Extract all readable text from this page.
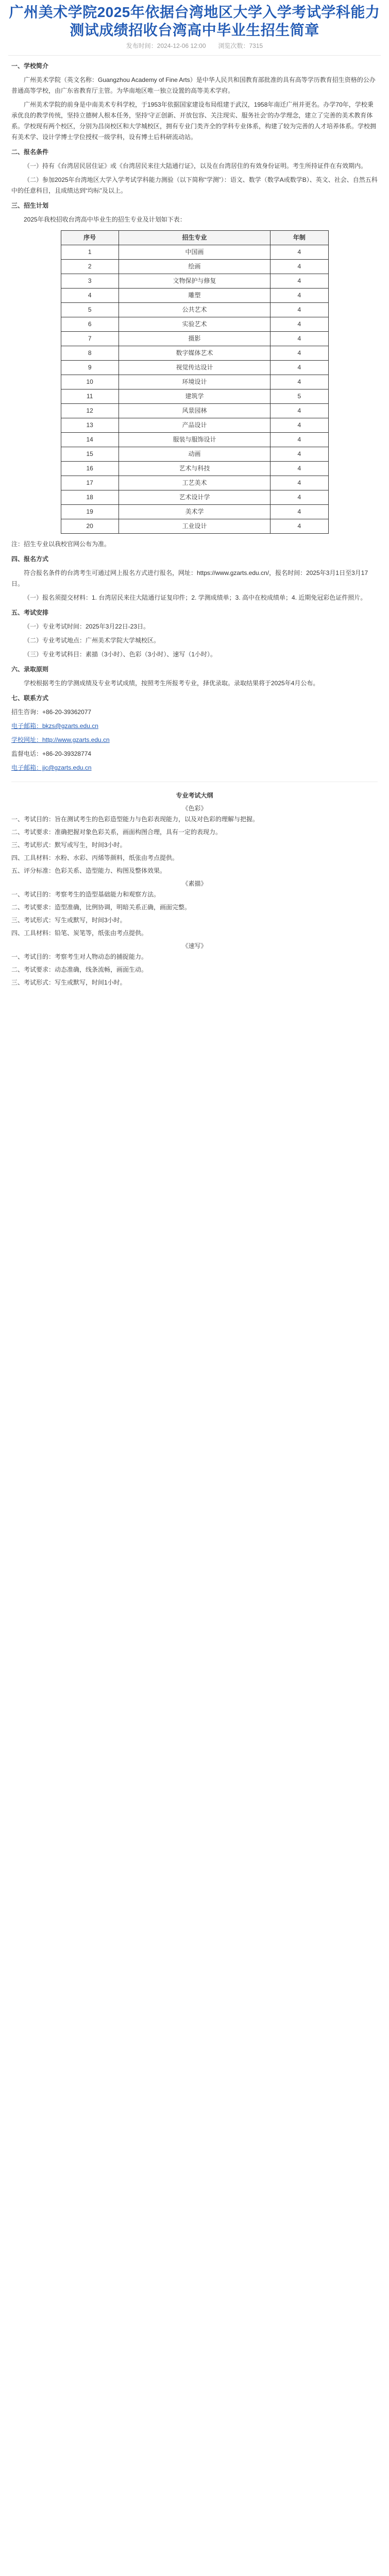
广州美术学院2025年依据台湾地区大学入学考试学科能力测试成绩招收台湾高中毕业生招生简章
发布时间：2024-12-06 12:00　　浏览次数：7315
一、学校简介
广州美术学院（英文名称：Guangzhou Academy of Fine Arts）是中华人民共和国教育部批准的具有高等学历教育招生资格的公办普通高等学校，由广东省教育厅主管。为华南地区唯一独立设置的高等美术学府。
广州美术学院的前身是中南美术专科学校，于1953年依据国家建设布局组建于武汉，1958年南迁广州并更名。办学70年，学校秉承优良的教学传统，坚持立德树人根本任务，坚持‘守正创新、开放包容、关注现实、服务社会’的办学理念，建立了完善的美术教育体系。学校现有两个校区，分别为昌岗校区和大学城校区，拥有专业门类齐全的学科专业体系，构建了较为完善的人才培养体系。学校拥有美术学、设计学博士学位授权一级学科，设有博士后科研流动站。
二、报名条件
（一）持有《台湾居民居住证》或《台湾居民来往大陆通行证》，以及在台湾居住的有效身份证明。考生所持证件在有效期内。
（二）参加2025年台湾地区大学入学考试学科能力测验（以下简称“学测”）：语文、数学（数学A或数学B）、英文、社会、自然五科中的任意科目，且成绩达到“均标”及以上。
三、招生计划
2025年我校招收台湾高中毕业生的招生专业及计划如下表：
序号	招生专业	年制
1	中国画	4
2	绘画	4
3	文物保护与修复	4
4	雕塑	4
5	公共艺术	4
6	实验艺术	4
7	摄影	4
8	数字媒体艺术	4
9	视觉传达设计	4
10	环境设计	4
11	建筑学	5
12	风景园林	4
13	产品设计	4
14	服装与服饰设计	4
15	动画	4
16	艺术与科技	4
17	工艺美术	4
18	艺术设计学	4
19	美术学	4
20	工业设计	4
注：招生专业以我校官网公布为准。
四、报名方式
符合报名条件的台湾考生可通过网上报名方式进行报名，网址：https://www.gzarts.edu.cn/，报名时间：2025年3月1日至3月17日。
（一）报名须提交材料：1. 台湾居民来往大陆通行证复印件；2. 学测成绩单；3. 高中在校成绩单；4. 近期免冠彩色证件照片。
五、考试安排
（一）专业考试时间：2025年3月22日-23日。
（二）专业考试地点：广州美术学院大学城校区。
（三）专业考试科目：素描（3小时）、色彩（3小时）、速写（1小时）。
六、录取原则
学校根据考生的学测成绩及专业考试成绩，按照考生所报考专业，择优录取。录取结果将于2025年4月公布。
七、联系方式
招生咨询：+86-20-39362077
电子邮箱：bkzs@gzarts.edu.cn
学校网址：http://www.gzarts.edu.cn
监督电话：+86-20-39328774
电子邮箱：jjc@gzarts.edu.cn
专业考试大纲
《色彩》
一、考试目的：旨在测试考生的色彩造型能力与色彩表现能力，以及对色彩的理解与把握。
二、考试要求：准确把握对象色彩关系，画面构图合理，具有一定的表现力。
三、考试形式：默写或写生，时间3小时。
四、工具材料：水粉、水彩、丙烯等颜料，纸张由考点提供。
五、评分标准：色彩关系、造型能力、构图及整体效果。
《素描》
一、考试目的：考察考生的造型基础能力和观察方法。
二、考试要求：造型准确，比例协调，明暗关系正确，画面完整。
三、考试形式：写生或默写，时间3小时。
四、工具材料：铅笔、炭笔等，纸张由考点提供。
《速写》
一、考试目的：考察考生对人物动态的捕捉能力。
二、考试要求：动态准确，线条流畅，画面生动。
三、考试形式：写生或默写，时间1小时。
